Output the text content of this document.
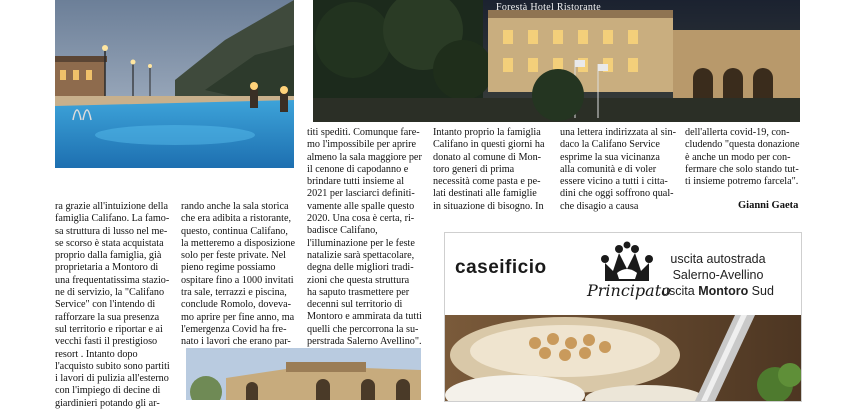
Forestà Hotel Ristorante
ra grazie all'intuizione della
famiglia Califano. La famo-
sa struttura di lusso nel me-
se scorso è stata acquistata
proprio dalla famiglia, già
proprietaria a Montoro di
una frequentatissima stazio-
ne di servizio, la "Califano
Service" con l'intendo di
rafforzare la sua presenza
sul territorio e riportar e ai
vecchi fasti il prestigioso
resort . Intanto dopo
l'acquisto subito sono partiti
i lavori di pulizia all'esterno
con l'impiego di decine di
giardinieri potando gli ar-
rando anche la sala storica
che era adibita a ristorante,
questo, continua Califano,
la metteremo a disposizione
solo per feste private. Nel
pieno regime possiamo
ospitare fino a 1000 invitati
tra sale, terrazzi e piscina,
conclude Romolo, doveva-
mo aprire per fine anno, ma
l'emergenza Covid ha fre-
nato i lavori che erano par-
titi speditì. Comunque fare-
mo l'impossibile per aprire
almeno la sala maggiore per
il cenone di capodanno e
brindare tutti insieme al
2021 per lasciarci definiti-
vamente alle spalle questo
2020. Una cosa è certa, ri-
badisce Califano,
l'illuminazione per le feste
natalizie sarà spettacolare,
degna delle migliori tradi-
zioni che questa struttura
ha saputo trasmettere per
decenni sul territorio di
Montoro e ammirata da tutti
quelli che percorrona la su-
perstrada Salerno Avellino".
Intanto proprio la famiglia
Califano in questi giorni ha
donato al comune di Mon-
toro generi di prima
necessità come pasta e pe-
lati destinati alle famiglie
in situazione di bisogno. In
una lettera indirizzata al sin-
daco la Califano Service
esprime la sua vicinanza
alla comunità e di voler
essere vicino a tutti i citta-
dini che oggi soffrono qual-
che disagio a causa
dell'allerta covid-19, con-
cludendo "questa donazione
è anche un modo per con-
fermare che solo stando tut-
ti insieme potremo farcela".
Gianni Gaeta
caseificio
Principato
uscita autostrada
Salerno-Avellino
uscita Montoro Sud
